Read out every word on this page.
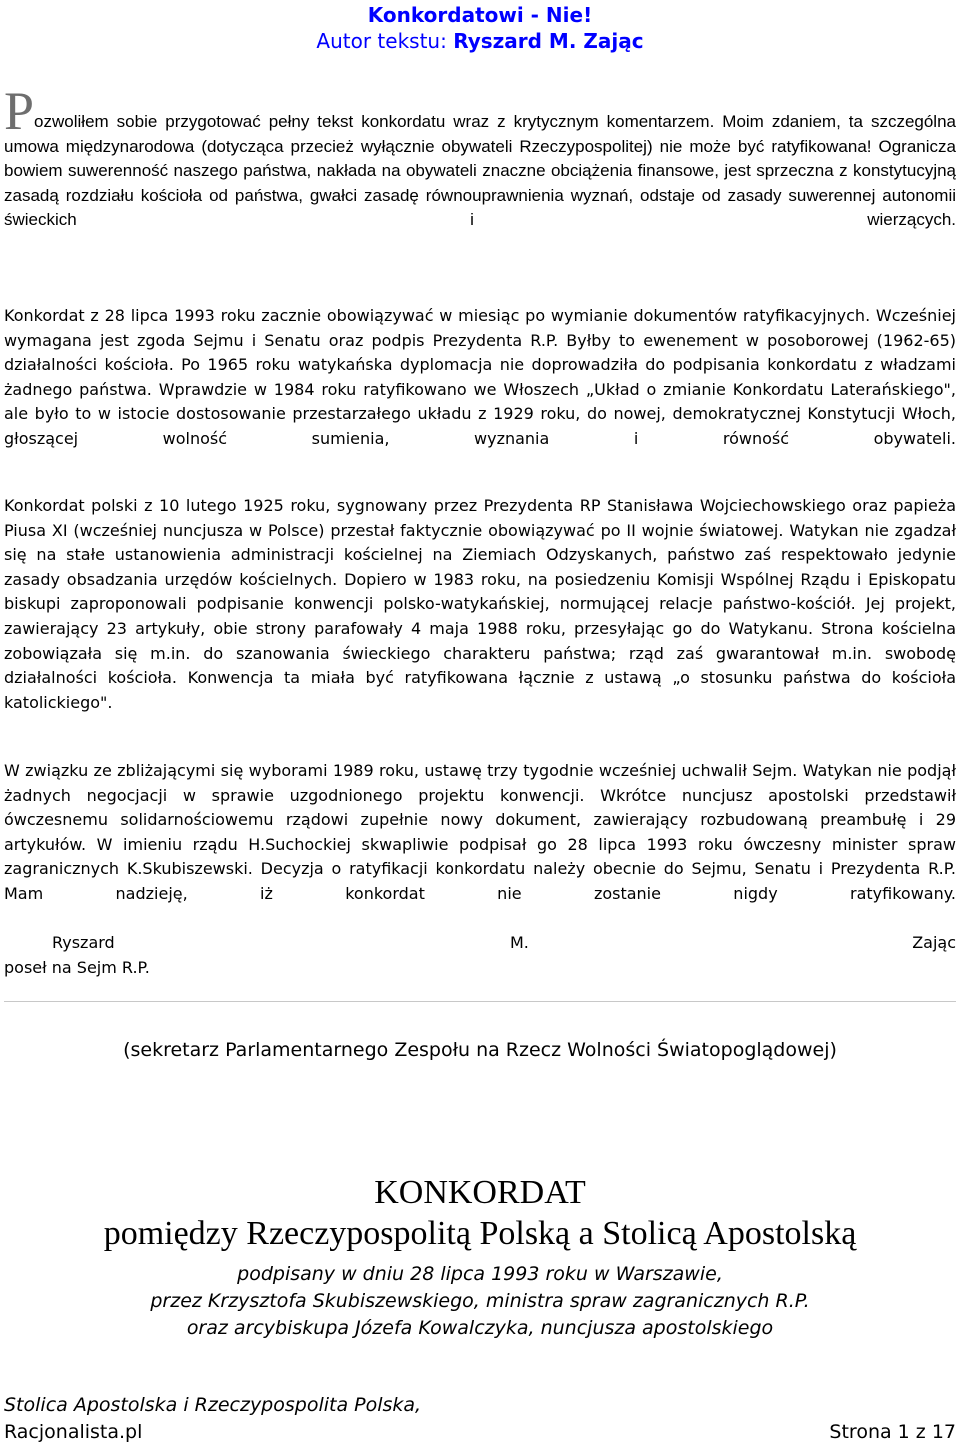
Konkordatowi - Nie!
Autor tekstu: Ryszard M. Zając
Pozwoliłem sobie przygotować pełny tekst konkordatu wraz z krytycznym komentarzem. Moim zdaniem, ta szczególna umowa międzynarodowa (dotycząca przecież wyłącznie obywateli Rzeczypospolitej) nie może być ratyfikowana! Ogranicza bowiem suwerenność naszego państwa, nakłada na obywateli znaczne obciążenia finansowe, jest sprzeczna z konstytucyjną zasadą rozdziału kościoła od państwa, gwałci zasadę równouprawnienia wyznań, odstaje od zasady suwerennej autonomii świeckich i wierzących.
Konkordat z 28 lipca 1993 roku zacznie obowiązywać w miesiąc po wymianie dokumentów ratyfikacyjnych. Wcześniej wymagana jest zgoda Sejmu i Senatu oraz podpis Prezydenta R.P. Byłby to ewenement w posoborowej (1962-65) działalności kościoła. Po 1965 roku watykańska dyplomacja nie doprowadziła do podpisania konkordatu z władzami żadnego państwa. Wprawdzie w 1984 roku ratyfikowano we Włoszech „Układ o zmianie Konkordatu Laterańskiego", ale było to w istocie dostosowanie przestarzałego układu z 1929 roku, do nowej, demokratycznej Konstytucji Włoch, głoszącej wolność sumienia, wyznania i równość obywateli.
Konkordat polski z 10 lutego 1925 roku, sygnowany przez Prezydenta RP Stanisława Wojciechowskiego oraz papieża Piusa XI (wcześniej nuncjusza w Polsce) przestał faktycznie obowiązywać po II wojnie światowej. Watykan nie zgadzał się na stałe ustanowienia administracji kościelnej na Ziemiach Odzyskanych, państwo zaś respektowało jedynie zasady obsadzania urzędów kościelnych. Dopiero w 1983 roku, na posiedzeniu Komisji Wspólnej Rządu i Episkopatu biskupi zaproponowali podpisanie konwencji polsko-watykańskiej, normującej relacje państwo-kościół. Jej projekt, zawierający 23 artykuły, obie strony parafowały 4 maja 1988 roku, przesyłając go do Watykanu. Strona kościelna zobowiązała się m.in. do szanowania świeckiego charakteru państwa; rząd zaś gwarantował m.in. swobodę działalności kościoła. Konwencja ta miała być ratyfikowana łącznie z ustawą „o stosunku państwa do kościoła katolickiego".
W związku ze zbliżającymi się wyborami 1989 roku, ustawę trzy tygodnie wcześniej uchwalił Sejm. Watykan nie podjął żadnych negocjacji w sprawie uzgodnionego projektu konwencji. Wkrótce nuncjusz apostolski przedstawił ówczesnemu solidarnościowemu rządowi zupełnie nowy dokument, zawierający rozbudowaną preambułę i 29 artykułów. W imieniu rządu H.Suchockiej skwapliwie podpisał go 28 lipca 1993 roku ówczesny minister spraw zagranicznych K.Skubiszewski. Decyzja o ratyfikacji konkordatu należy obecnie do Sejmu, Senatu i Prezydenta R.P. Mam nadzieję, iż konkordat nie zostanie nigdy ratyfikowany.
Ryszard	M.	Zając
poseł na Sejm R.P.
(sekretarz Parlamentarnego Zespołu na Rzecz Wolności Światopoglądowej)
KONKORDAT
pomiędzy Rzeczypospolitą Polską a Stolicą Apostolską
podpisany w dniu 28 lipca 1993 roku w Warszawie,
przez Krzysztofa Skubiszewskiego, ministra spraw zagranicznych R.P.
oraz arcybiskupa Józefa Kowalczyka, nuncjusza apostolskiego
Stolica Apostolska i Rzeczypospolita Polska,
Racjonalista.pl	Strona 1 z 17
